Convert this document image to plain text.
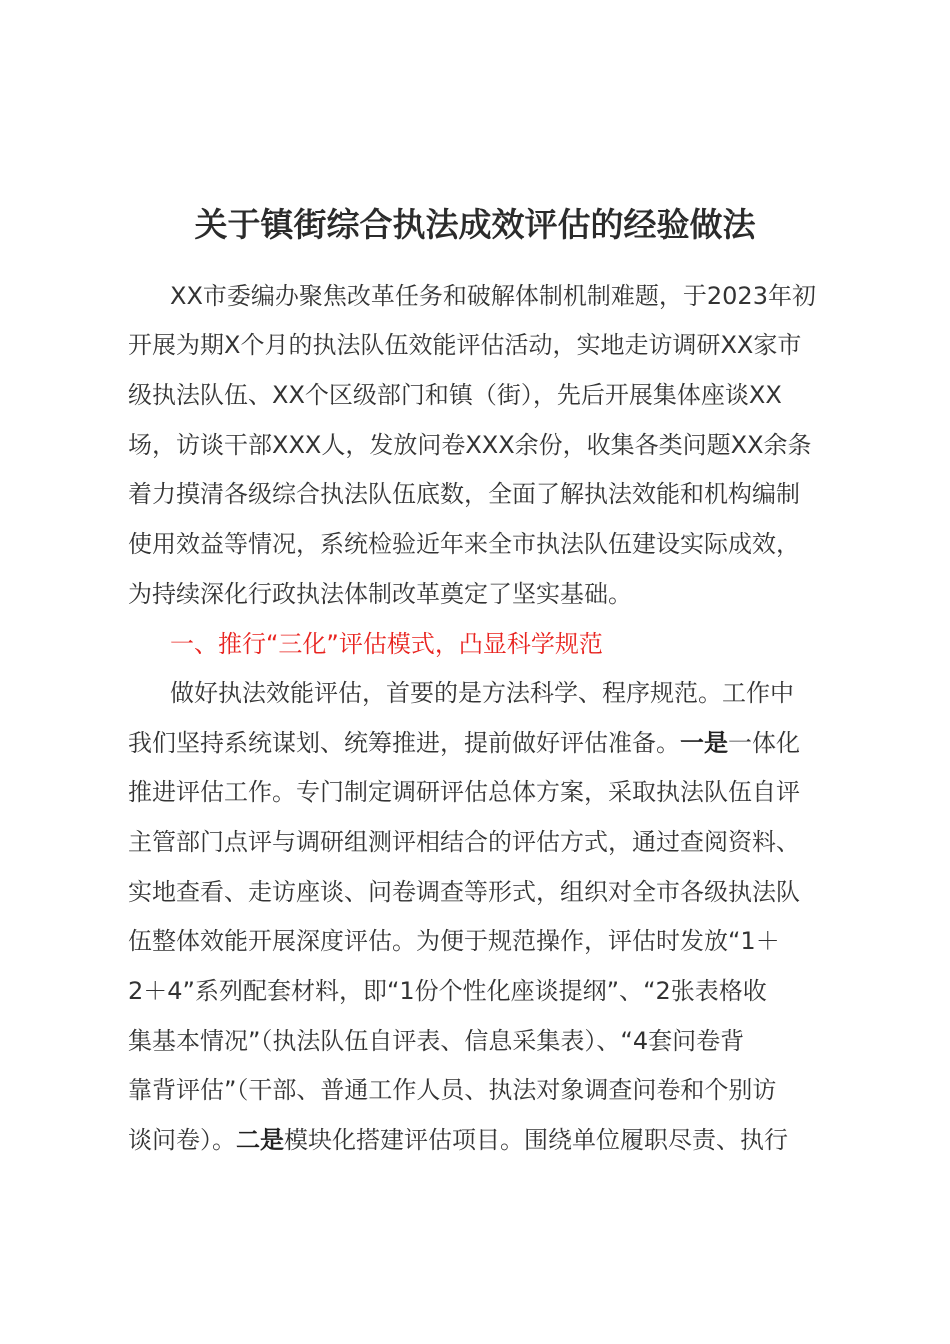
关于镇街综合执法成效评估的经验做法
XX市委编办聚焦改革任务和破解体制机制难题，于2023年初
开展为期X个月的执法队伍效能评估活动，实地走访调研XX家市
级执法队伍、XX个区级部门和镇（街），先后开展集体座谈XX
场，访谈干部XXX人，发放问卷XXX余份，收集各类问题XX余条
着力摸清各级综合执法队伍底数，全面了解执法效能和机构编制
使用效益等情况，系统检验近年来全市执法队伍建设实际成效，
为持续深化行政执法体制改革奠定了坚实基础。
一、推行“三化”评估模式，凸显科学规范
做好执法效能评估，首要的是方法科学、程序规范。工作中
我们坚持系统谋划、统筹推进，提前做好评估准备。一是一体化
推进评估工作。专门制定调研评估总体方案，采取执法队伍自评
主管部门点评与调研组测评相结合的评估方式，通过查阅资料、
实地查看、走访座谈、问卷调查等形式，组织对全市各级执法队
伍整体效能开展深度评估。为便于规范操作，评估时发放“1＋
2＋4”系列配套材料，即“1份个性化座谈提纲”、“2张表格收
集基本情况”（执法队伍自评表、信息采集表）、“4套问卷背
靠背评估”（干部、普通工作人员、执法对象调查问卷和个别访
谈问卷）。二是模块化搭建评估项目。围绕单位履职尽责、执行
